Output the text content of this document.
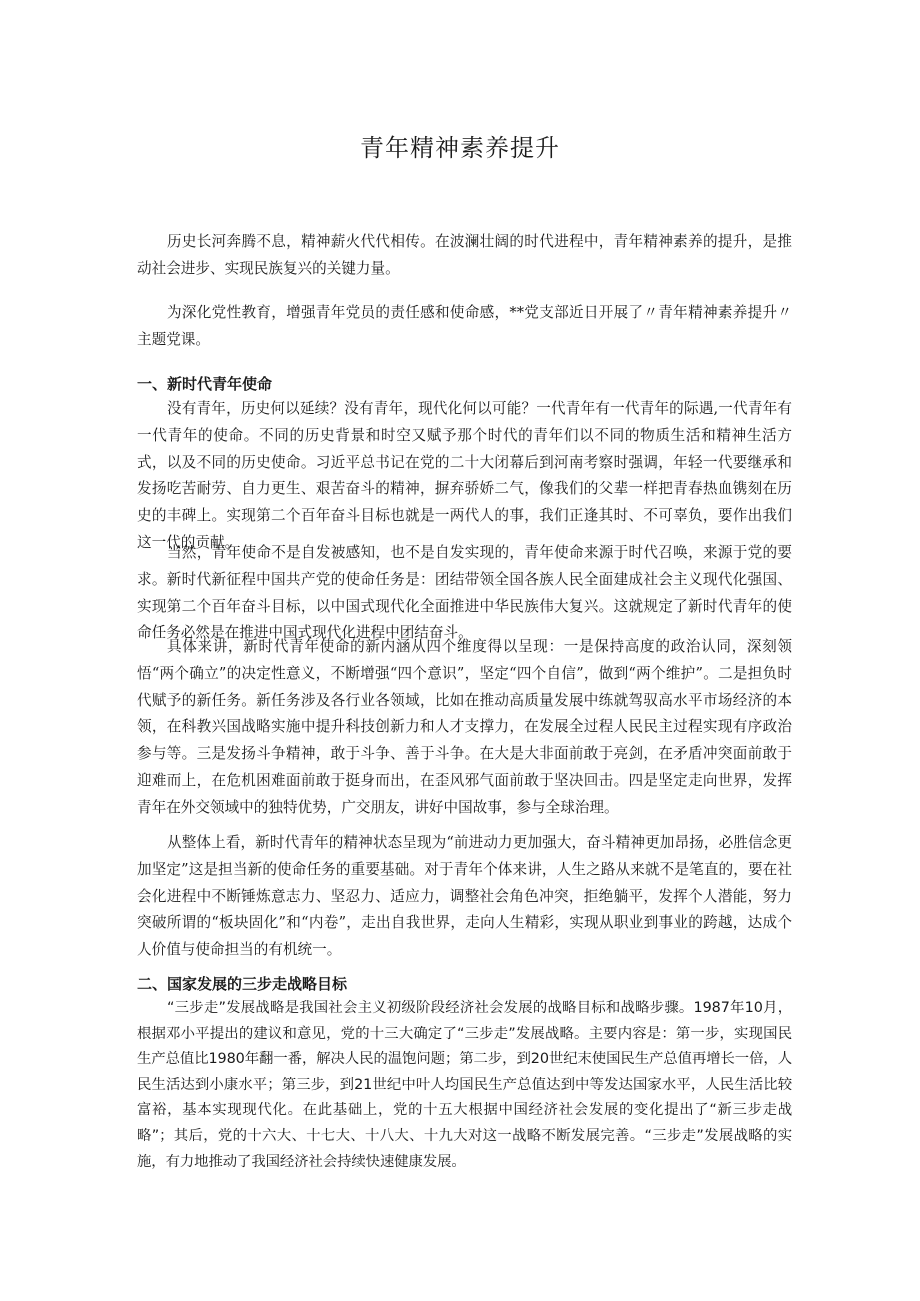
青年精神素养提升

历史长河奔腾不息，精神薪火代代相传。在波澜壮阔的时代进程中，青年精神素养的提升，是推动社会进步、实现民族复兴的关键力量。

为深化党性教育，增强青年党员的责任感和使命感，**党支部近日开展了〃青年精神素养提升〃主题党课。

一、新时代青年使命

没有青年，历史何以延续？没有青年，现代化何以可能？一代青年有一代青年的际遇,一代青年有一代青年的使命。不同的历史背景和时空又赋予那个时代的青年们以不同的物质生活和精神生活方式，以及不同的历史使命。习近平总书记在党的二十大闭幕后到河南考察时强调，年轻一代要继承和发扬吃苦耐劳、自力更生、艰苦奋斗的精神，摒弃骄娇二气，像我们的父辈一样把青春热血镌刻在历史的丰碑上。实现第二个百年奋斗目标也就是一两代人的事，我们正逢其时、不可辜负，要作出我们这一代的贡献。

当然，青年使命不是自发被感知，也不是自发实现的，青年使命来源于时代召唤，来源于党的要求。新时代新征程中国共产党的使命任务是：团结带领全国各族人民全面建成社会主义现代化强国、实现第二个百年奋斗目标，以中国式现代化全面推进中华民族伟大复兴。这就规定了新时代青年的使命任务必然是在推进中国式现代化进程中团结奋斗。

具体来讲，新时代青年使命的新内涵从四个维度得以呈现：一是保持高度的政治认同，深刻领悟“两个确立”的决定性意义，不断增强“四个意识”，坚定“四个自信”，做到“两个维护”。二是担负时代赋予的新任务。新任务涉及各行业各领域，比如在推动高质量发展中练就驾驭高水平市场经济的本领，在科教兴国战略实施中提升科技创新力和人才支撑力，在发展全过程人民民主过程实现有序政治参与等。三是发扬斗争精神，敢于斗争、善于斗争。在大是大非面前敢于亮剑，在矛盾冲突面前敢于迎难而上，在危机困难面前敢于挺身而出，在歪风邪气面前敢于坚决回击。四是坚定走向世界，发挥青年在外交领域中的独特优势，广交朋友，讲好中国故事，参与全球治理。

从整体上看，新时代青年的精神状态呈现为“前进动力更加强大，奋斗精神更加昂扬，必胜信念更加坚定”这是担当新的使命任务的重要基础。对于青年个体来讲，人生之路从来就不是笔直的，要在社会化进程中不断锤炼意志力、坚忍力、适应力，调整社会角色冲突，拒绝躺平，发挥个人潜能，努力突破所谓的“板块固化”和“内卷”，走出自我世界，走向人生精彩，实现从职业到事业的跨越，达成个人价值与使命担当的有机统一。

二、国家发展的三步走战略目标

“三步走”发展战略是我国社会主义初级阶段经济社会发展的战略目标和战略步骤。1987年10月，根据邓小平提出的建议和意见，党的十三大确定了“三步走”发展战略。主要内容是：第一步，实现国民生产总值比1980年翻一番，解决人民的温饱问题；第二步，到20世纪末使国民生产总值再增长一倍，人民生活达到小康水平；第三步，到21世纪中叶人均国民生产总值达到中等发达国家水平，人民生活比较富裕，基本实现现代化。在此基础上，党的十五大根据中国经济社会发展的变化提出了“新三步走战略”；其后，党的十六大、十七大、十八大、十九大对这一战略不断发展完善。“三步走”发展战略的实施，有力地推动了我国经济社会持续快速健康发展。
